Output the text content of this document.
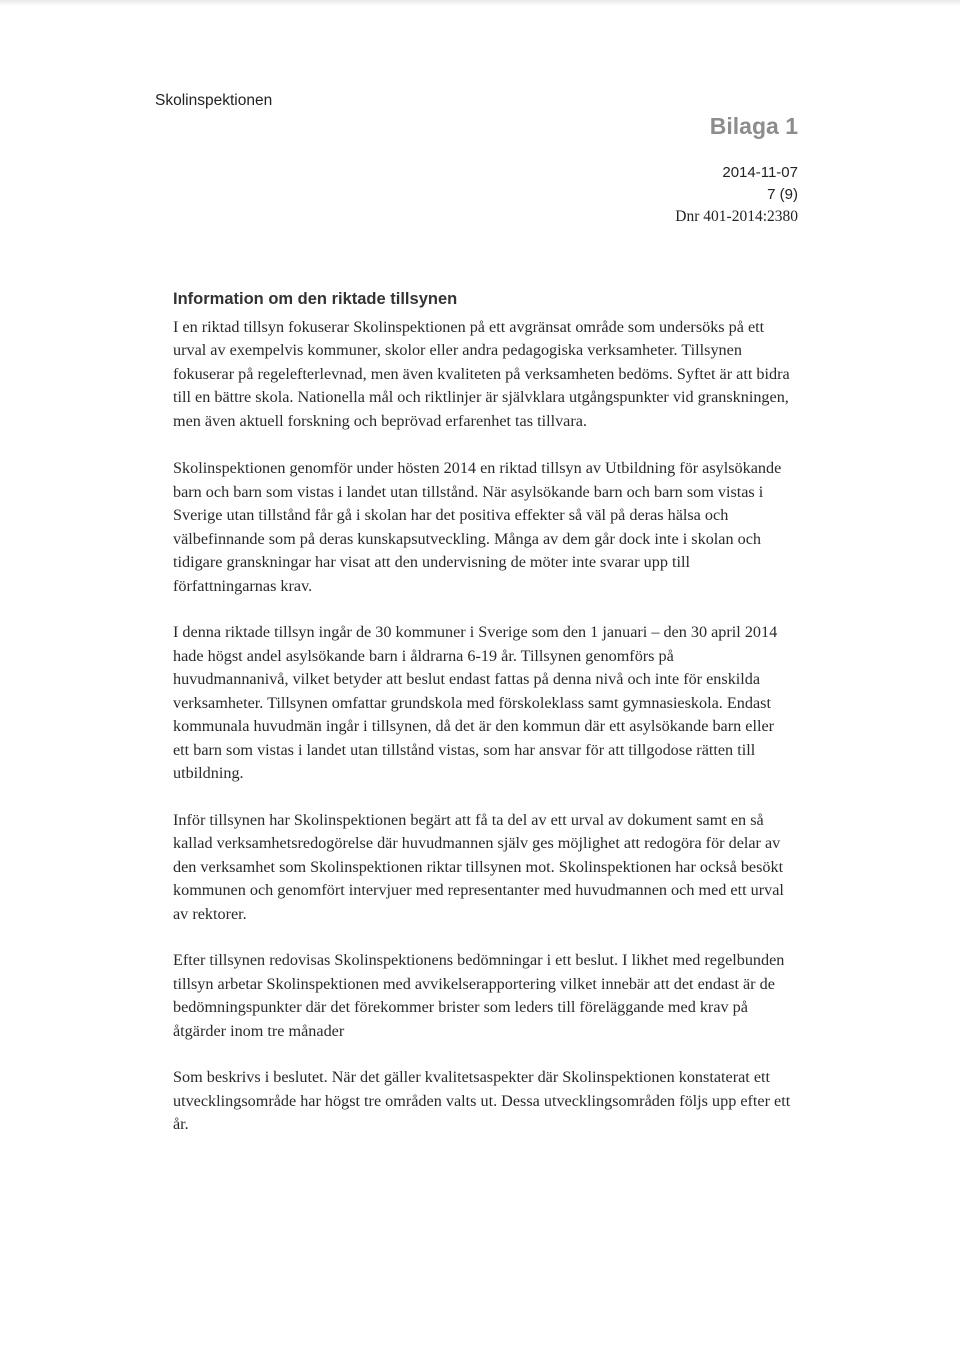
Skolinspektionen
Bilaga 1
2014-11-07
7 (9)
Dnr 401-2014:2380
Information om den riktade tillsynen

I en riktad tillsyn fokuserar Skolinspektionen på ett avgränsat område som undersöks på ett urval av exempelvis kommuner, skolor eller andra pedagogiska verksamheter. Tillsynen fokuserar på regelefterlevnad, men även kvaliteten på verksamheten bedöms. Syftet är att bidra till en bättre skola. Nationella mål och riktlinjer är självklara utgångspunkter vid granskningen, men även aktuell forskning och beprövad erfarenhet tas tillvara.

Skolinspektionen genomför under hösten 2014 en riktad tillsyn av Utbildning för asylsökande barn och barn som vistas i landet utan tillstånd. När asylsökande barn och barn som vistas i Sverige utan tillstånd får gå i skolan har det positiva effekter så väl på deras hälsa och välbefinnande som på deras kunskapsutveckling. Många av dem går dock inte i skolan och tidigare granskningar har visat att den undervisning de möter inte svarar upp till författningarnas krav.

I denna riktade tillsyn ingår de 30 kommuner i Sverige som den 1 januari – den 30 april 2014 hade högst andel asylsökande barn i åldrarna 6-19 år. Tillsynen genomförs på huvudmannanivå, vilket betyder att beslut endast fattas på denna nivå och inte för enskilda verksamheter. Tillsynen omfattar grundskola med förskoleklass samt gymnasieskola. Endast kommunala huvudmän ingår i tillsynen, då det är den kommun där ett asylsökande barn eller ett barn som vistas i landet utan tillstånd vistas, som har ansvar för att tillgodose rätten till utbildning.

Inför tillsynen har Skolinspektionen begärt att få ta del av ett urval av dokument samt en så kallad verksamhetsredogörelse där huvudmannen själv ges möjlighet att redogöra för delar av den verksamhet som Skolinspektionen riktar tillsynen mot. Skolinspektionen har också besökt kommunen och genomfört intervjuer med representanter med huvudmannen och med ett urval av rektorer.

Efter tillsynen redovisas Skolinspektionens bedömningar i ett beslut. I likhet med regelbunden tillsyn arbetar Skolinspektionen med avvikelserapportering vilket innebär att det endast är de bedömningspunkter där det förekommer brister som leders till föreläggande med krav på åtgärder inom tre månader

Som beskrivs i beslutet. När det gäller kvalitetsaspekter där Skolinspektionen konstaterat ett utvecklingsområde har högst tre områden valts ut. Dessa utvecklingsområden följs upp efter ett år.
